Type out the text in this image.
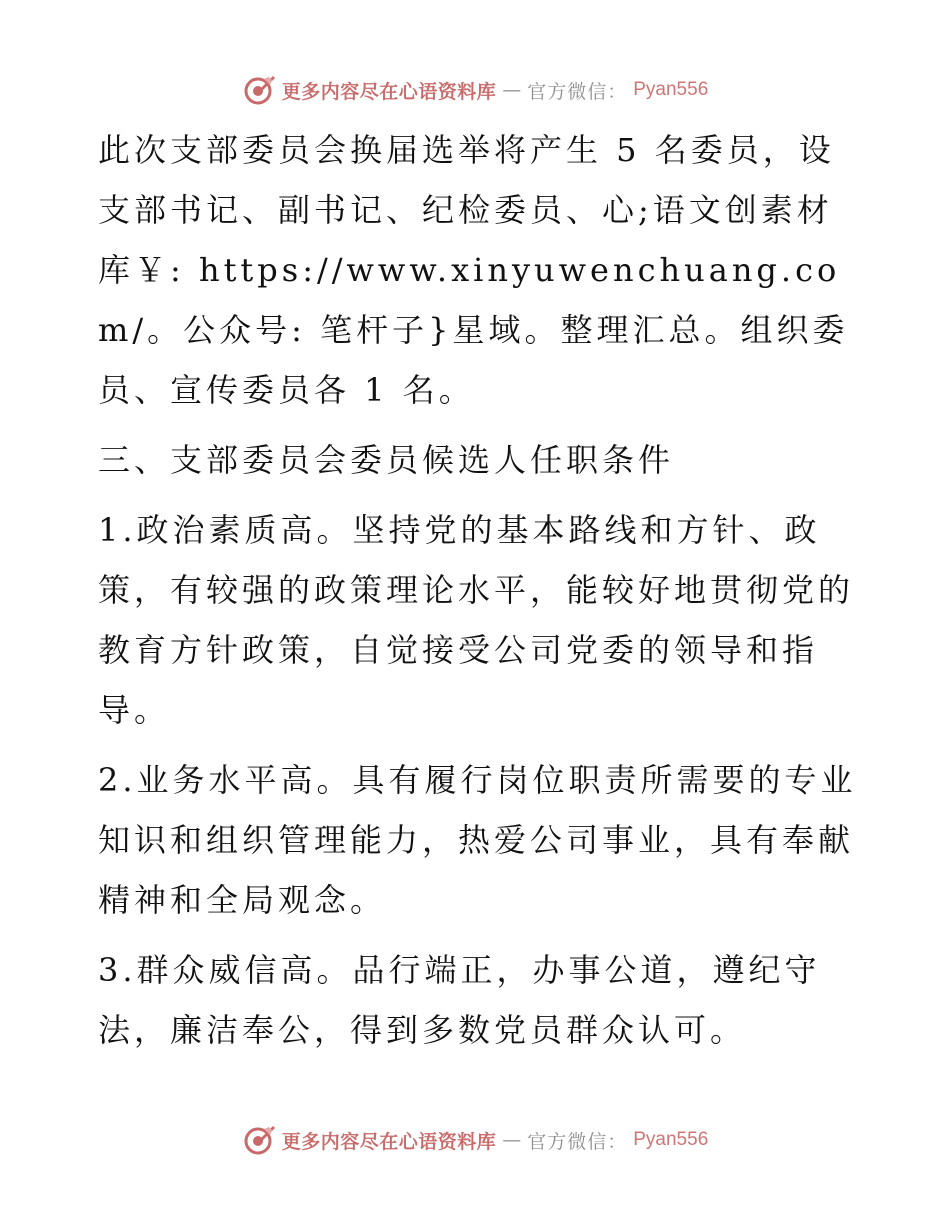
更多内容尽在心语资料库 — 官方微信： Pyan556

此次支部委员会换届选举将产生 5 名委员，设支部书记、副书记、纪检委员、心;语文创素材库￥: https://www.xinyuwenchuang.com/。公众号: 笔杆子}星域。整理汇总。组织委员、宣传委员各 1 名。

三、支部委员会委员候选人任职条件

1.政治素质高。坚持党的基本路线和方针、政策，有较强的政策理论水平，能较好地贯彻党的教育方针政策，自觉接受公司党委的领导和指导。

2.业务水平高。具有履行岗位职责所需要的专业知识和组织管理能力，热爱公司事业，具有奉献精神和全局观念。

3.群众威信高。品行端正，办事公道，遵纪守法，廉洁奉公，得到多数党员群众认可。

更多内容尽在心语资料库 — 官方微信： Pyan556
